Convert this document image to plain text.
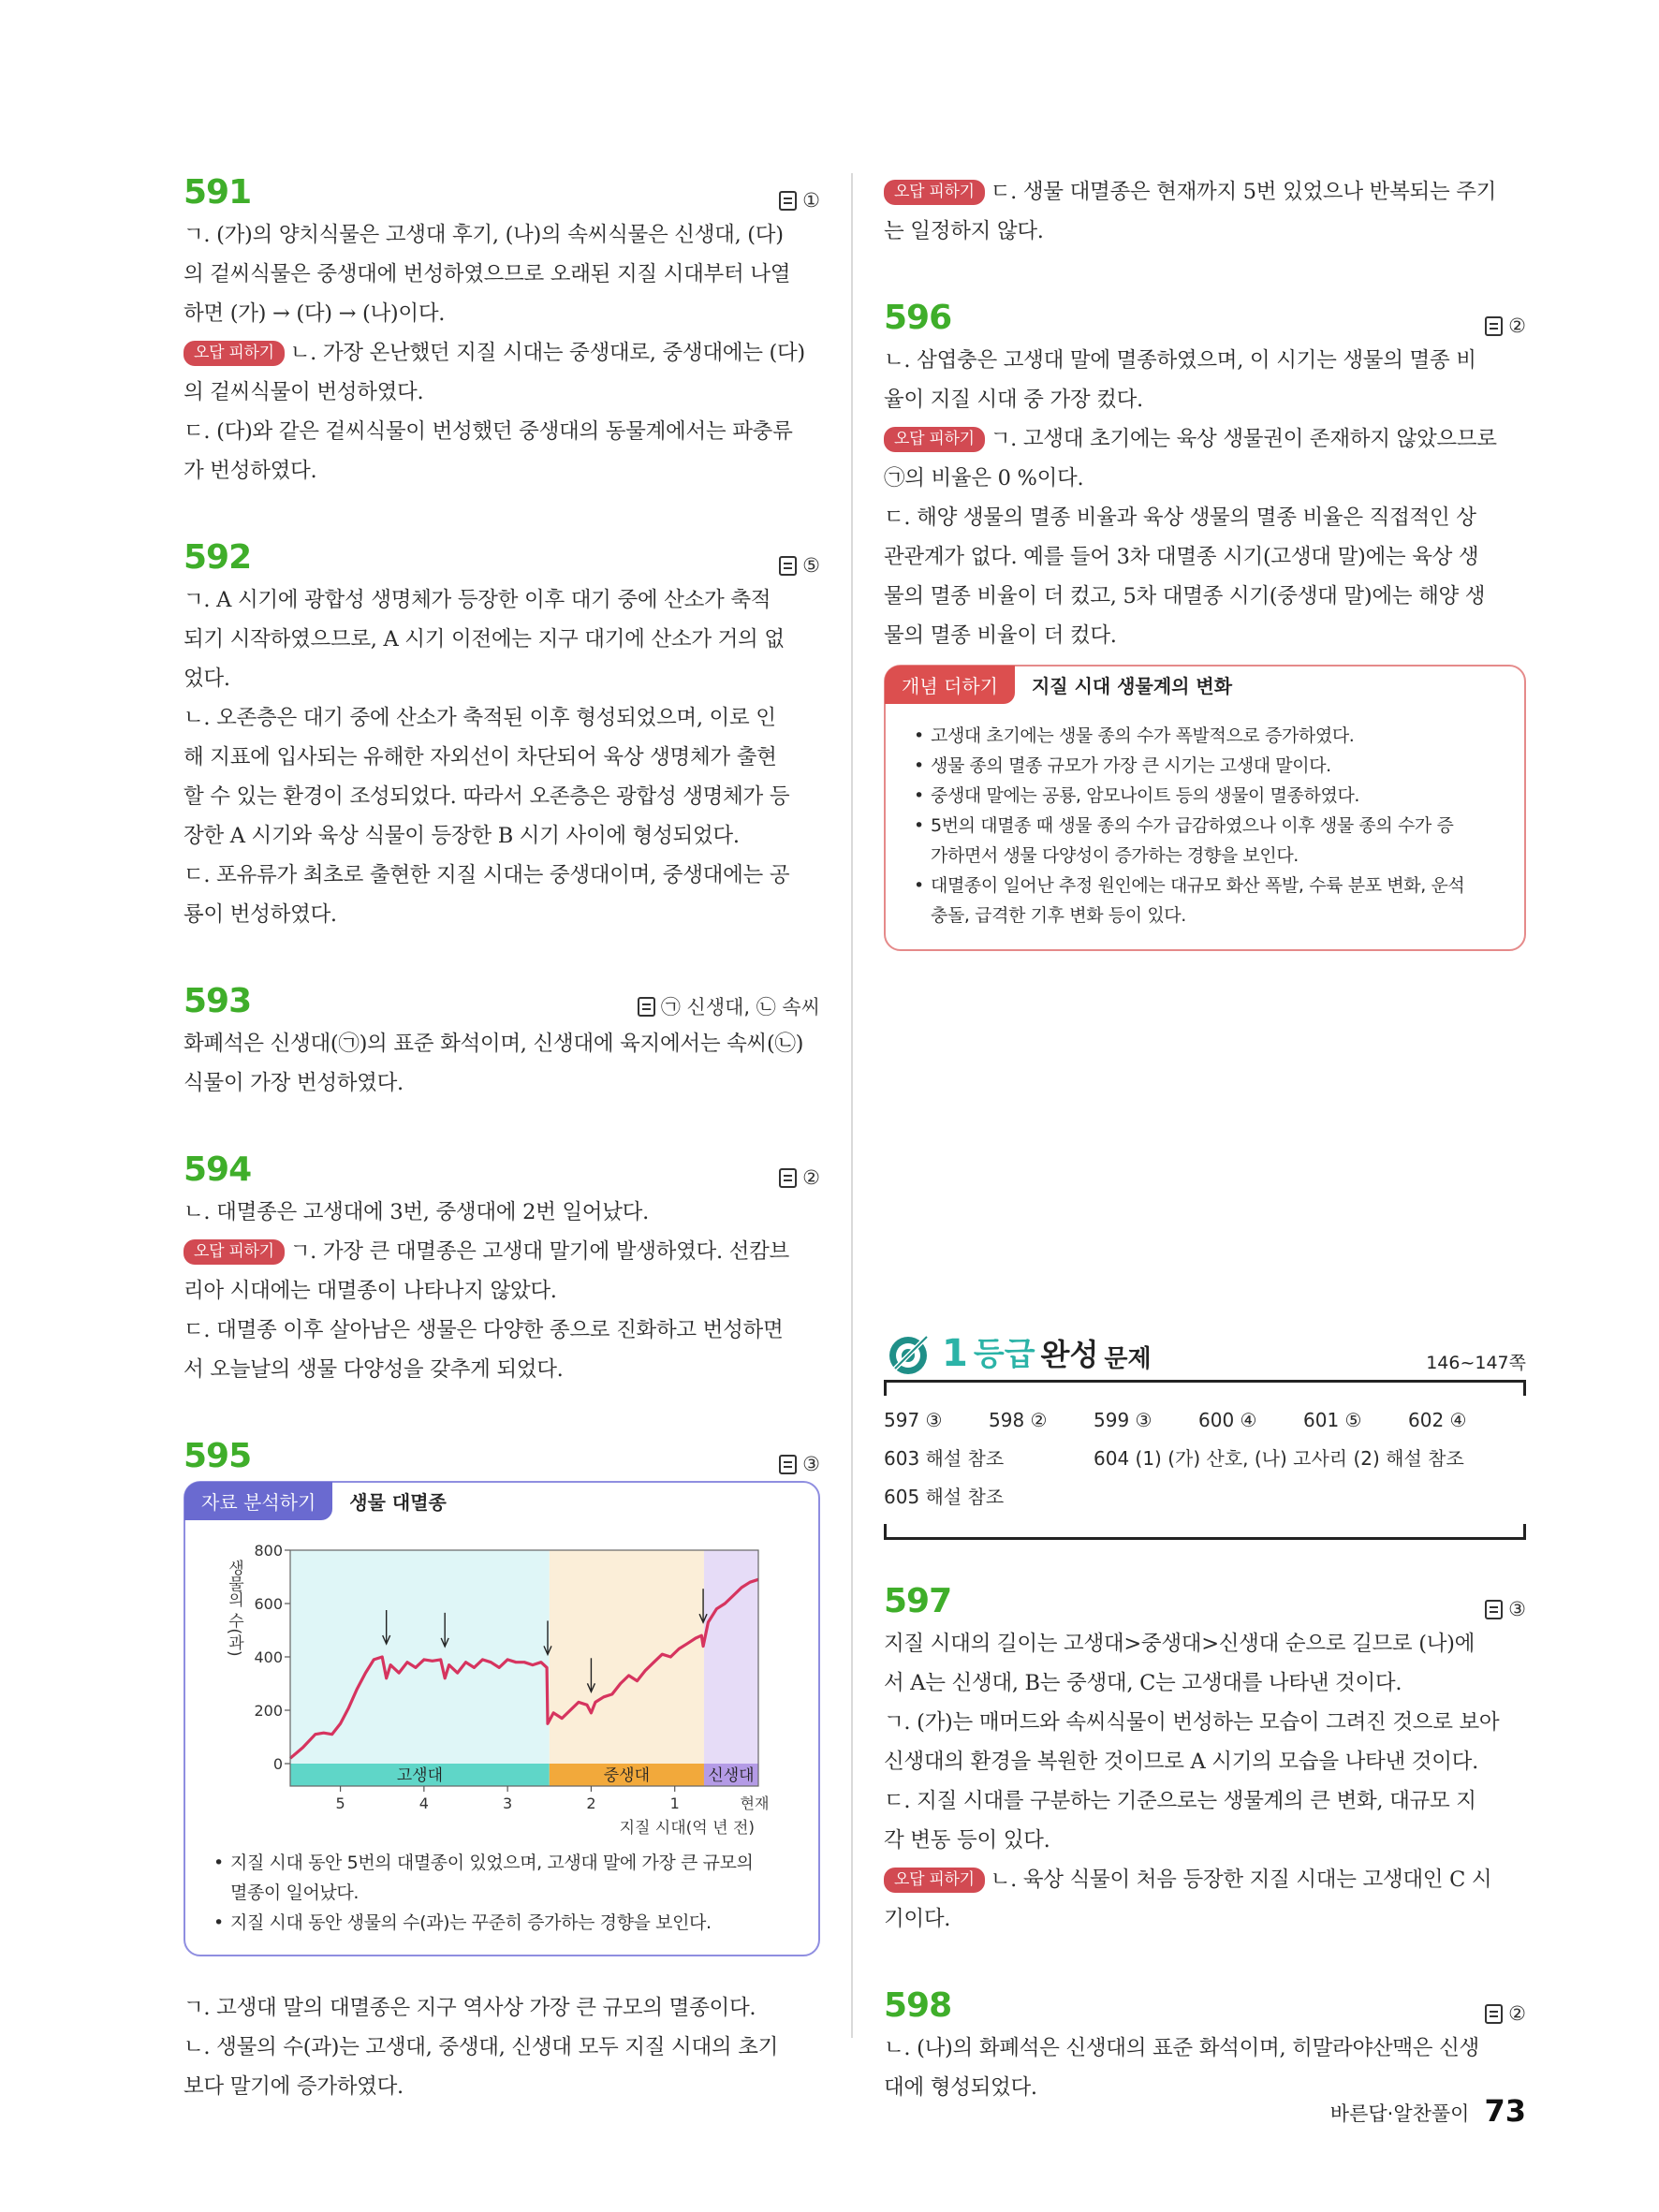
591	①

ㄱ. (가)의 양치식물은 고생대 후기, (나)의 속씨식물은 신생대, (다)

의 겉씨식물은 중생대에 번성하였으므로 오래된 지질 시대부터 나열

하면 (가) → (다) → (나)이다.

오답 피하기 ㄴ. 가장 온난했던 지질 시대는 중생대로, 중생대에는 (다)

의 겉씨식물이 번성하였다.

ㄷ. (다)와 같은 겉씨식물이 번성했던 중생대의 동물계에서는 파충류

가 번성하였다.

592	⑤

ㄱ. A 시기에 광합성 생명체가 등장한 이후 대기 중에 산소가 축적

되기 시작하였으므로, A 시기 이전에는 지구 대기에 산소가 거의 없

었다.

ㄴ. 오존층은 대기 중에 산소가 축적된 이후 형성되었으며, 이로 인

해 지표에 입사되는 유해한 자외선이 차단되어 육상 생명체가 출현

할 수 있는 환경이 조성되었다. 따라서 오존층은 광합성 생명체가 등

장한 A 시기와 육상 식물이 등장한 B 시기 사이에 형성되었다.

ㄷ. 포유류가 최초로 출현한 지질 시대는 중생대이며, 중생대에는 공

룡이 번성하였다.

593	㉠ 신생대, ㉡ 속씨

화폐석은 신생대(㉠)의 표준 화석이며, 신생대에 육지에서는 속씨(㉡)

식물이 가장 번성하였다.

594	②

ㄴ. 대멸종은 고생대에 3번, 중생대에 2번 일어났다.

오답 피하기 ㄱ. 가장 큰 대멸종은 고생대 말기에 발생하였다. 선캄브

리아 시대에는 대멸종이 나타나지 않았다.

ㄷ. 대멸종 이후 살아남은 생물은 다양한 종으로 진화하고 번성하면

서 오늘날의 생물 다양성을 갖추게 되었다.

595	③
자료 분석하기	생물 대멸종
0
200
400
600
800
고생대	중생대	신생대
생물의 수(과)
5	4	3	2	1	현재
지질 시대(억 년 전)
• 지질 시대 동안 5번의 대멸종이 있었으며, 고생대 말에 가장 큰 규모의
멸종이 일어났다.
• 지질 시대 동안 생물의 수(과)는 꾸준히 증가하는 경향을 보인다.

ㄱ. 고생대 말의 대멸종은 지구 역사상 가장 큰 규모의 멸종이다.

ㄴ. 생물의 수(과)는 고생대, 중생대, 신생대 모두 지질 시대의 초기

보다 말기에 증가하였다.

오답 피하기 ㄷ. 생물 대멸종은 현재까지 5번 있었으나 반복되는 주기

는 일정하지 않다.

596	②

ㄴ. 삼엽충은 고생대 말에 멸종하였으며, 이 시기는 생물의 멸종 비

율이 지질 시대 중 가장 컸다.

오답 피하기 ㄱ. 고생대 초기에는 육상 생물권이 존재하지 않았으므로

㉠의 비율은 0 %이다.

ㄷ. 해양 생물의 멸종 비율과 육상 생물의 멸종 비율은 직접적인 상

관관계가 없다. 예를 들어 3차 대멸종 시기(고생대 말)에는 육상 생

물의 멸종 비율이 더 컸고, 5차 대멸종 시기(중생대 말)에는 해양 생

물의 멸종 비율이 더 컸다.

개념 더하기	지질 시대 생물계의 변화
• 고생대 초기에는 생물 종의 수가 폭발적으로 증가하였다.
• 생물 종의 멸종 규모가 가장 큰 시기는 고생대 말이다.
• 중생대 말에는 공룡, 암모나이트 등의 생물이 멸종하였다.
• 5번의 대멸종 때 생물 종의 수가 급감하였으나 이후 생물 종의 수가 증
가하면서 생물 다양성이 증가하는 경향을 보인다.
• 대멸종이 일어난 추정 원인에는 대규모 화산 폭발, 수륙 분포 변화, 운석
충돌, 급격한 기후 변화 등이 있다.
1 등급 완성 문제	146~147쪽
597 ③	598 ②	599 ③	600 ④	601 ⑤	602 ④
603 해설 참조	604 (1) (가) 산호, (나) 고사리 (2) 해설 참조
605 해설 참조
597	③

지질 시대의 길이는 고생대>중생대>신생대 순으로 길므로 (나)에

서 A는 신생대, B는 중생대, C는 고생대를 나타낸 것이다.

ㄱ. (가)는 매머드와 속씨식물이 번성하는 모습이 그려진 것으로 보아

신생대의 환경을 복원한 것이므로 A 시기의 모습을 나타낸 것이다.

ㄷ. 지질 시대를 구분하는 기준으로는 생물계의 큰 변화, 대규모 지

각 변동 등이 있다.

오답 피하기 ㄴ. 육상 식물이 처음 등장한 지질 시대는 고생대인 C 시

기이다.

598	②

ㄴ. (나)의 화폐석은 신생대의 표준 화석이며, 히말라야산맥은 신생

대에 형성되었다.

바른답·알찬풀이 73
